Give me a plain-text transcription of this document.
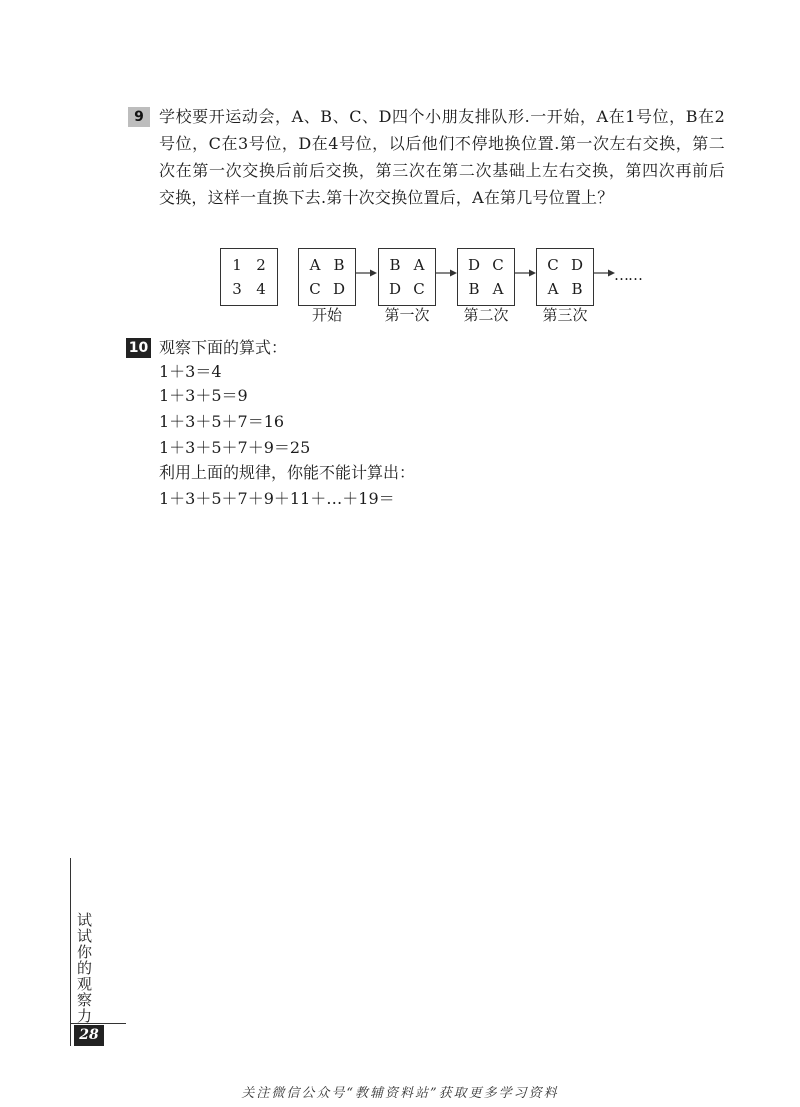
9 学校要开运动会，A、B、C、D四个小朋友排队形.一开始，A在1号位，B在2号位，C在3号位，D在4号位，以后他们不停地换位置.第一次左右交换，第二次在第一次交换后前后交换，第三次在第二次基础上左右交换，第四次再前后交换，这样一直换下去.第十次交换位置后，A在第几号位置上？

1 2
3 4
A B
C D
开始
B A
D C
第一次
D C
B A
第二次
C D
A B
第三次
……
10 观察下面的算式：
1＋3＝4
1＋3＋5＝9
1＋3＋5＋7＝16
1＋3＋5＋7＋9＝25
利用上面的规律，你能不能计算出：
1＋3＋5＋7＋9＋11＋…＋19＝
试试你的观察力
28
关注微信公众号“教辅资料站”获取更多学习资料
